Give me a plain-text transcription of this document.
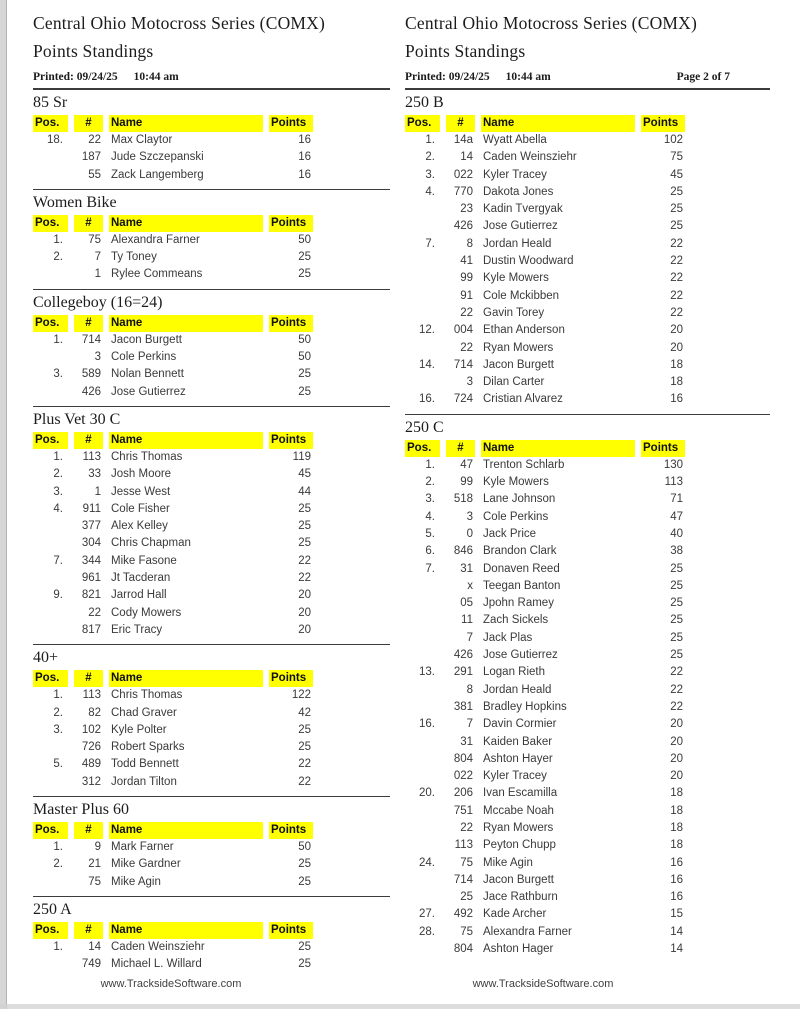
Central Ohio Motocross Series (COMX)
Points Standings
Printed: 09/24/25 10:44 am
85 Sr
Pos.	#	Name	Points
18.	22 Max Claytor	16
187 Jude Szczepanski	16
55 Zack Langemberg	16
Women Bike
Pos.	#	Name	Points
1.	75 Alexandra Farner	50
2.	7 Ty Toney	25
1 Rylee Commeans	25
Collegeboy (16=24)
Pos.	#	Name	Points
1.	714 Jacon Burgett	50
3 Cole Perkins	50
3.	589 Nolan Bennett	25
426 Jose Gutierrez	25
Plus Vet 30 C
Pos.	#	Name	Points
1.	113 Chris Thomas	119
2.	33 Josh Moore	45
3.	1 Jesse West	44
4.	911 Cole Fisher	25
377 Alex Kelley	25
304 Chris Chapman	25
7.	344 Mike Fasone	22
961 Jt Tacderan	22
9.	821 Jarrod Hall	20
22 Cody Mowers	20
817 Eric Tracy	20
40+
Pos.	#	Name	Points
1.	113 Chris Thomas	122
2.	82 Chad Graver	42
3.	102 Kyle Polter	25
726 Robert Sparks	25
5.	489 Todd Bennett	22
312 Jordan Tilton	22
Master Plus 60
Pos.	#	Name	Points
1.	9 Mark Farner	50
2.	21 Mike Gardner	25
75 Mike Agin	25
250 A
Pos.	#	Name	Points
1.	14 Caden Weinsziehr	25
749 Michael L. Willard	25
www.TracksideSoftware.com
Central Ohio Motocross Series (COMX)
Points Standings
Printed: 09/24/25 10:44 am	Page 2 of 7
250 B
Pos.	#	Name	Points
1.	14a Wyatt Abella	102
2.	14 Caden Weinsziehr	75
3.	022 Kyler Tracey	45
4.	770 Dakota Jones	25
23 Kadin Tvergyak	25
426 Jose Gutierrez	25
7.	8 Jordan Heald	22
41 Dustin Woodward	22
99 Kyle Mowers	22
91 Cole Mckibben	22
22 Gavin Torey	22
12.	004 Ethan Anderson	20
22 Ryan Mowers	20
14.	714 Jacon Burgett	18
3 Dilan Carter	18
16.	724 Cristian Alvarez	16
250 C
Pos.	#	Name	Points
1.	47 Trenton Schlarb	130
2.	99 Kyle Mowers	113
3.	518 Lane Johnson	71
4.	3 Cole Perkins	47
5.	0 Jack Price	40
6.	846 Brandon Clark	38
7.	31 Donaven Reed	25
x Teegan Banton	25
05 Jpohn Ramey	25
11 Zach Sickels	25
7 Jack Plas	25
426 Jose Gutierrez	25
13.	291 Logan Rieth	22
8 Jordan Heald	22
381 Bradley Hopkins	22
16.	7 Davin Cormier	20
31 Kaiden Baker	20
804 Ashton Hayer	20
022 Kyler Tracey	20
20.	206 Ivan Escamilla	18
751 Mccabe Noah	18
22 Ryan Mowers	18
113 Peyton Chupp	18
24.	75 Mike Agin	16
714 Jacon Burgett	16
25 Jace Rathburn	16
27.	492 Kade Archer	15
28.	75 Alexandra Farner	14
804 Ashton Hager	14
www.TracksideSoftware.com
